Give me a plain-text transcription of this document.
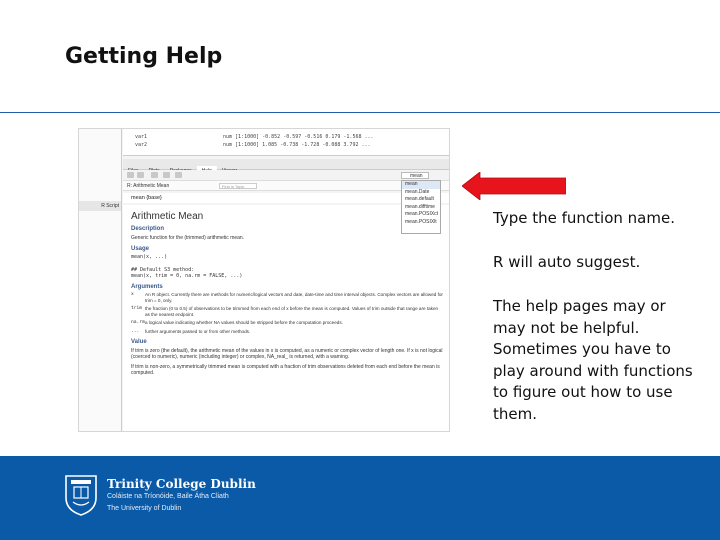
Getting Help
R Script
var1	num [1:1000] -0.852 -0.597 -0.516 0.179 -1.568 ...
var2	num [1:1000] 1.085 -0.738 -1.728 -0.088 3.792 ...
mean
R: Arithmetic Mean	Find in Topic
mean {base}
Arithmetic Mean
Description
Generic function for the (trimmed) arithmetic mean.
Usage
mean(x, ...)

## Default S3 method:
mean(x, trim = 0, na.rm = FALSE, ...)
Arguments
x	An R object. Currently there are methods for numeric/logical vectors and date, date-time and time interval objects. Complex vectors are allowed for trim = 0, only.
trim the fraction (0 to 0.5) of observations to be trimmed from each end of x before the mean is computed. Values of trim outside that range are taken as the nearest endpoint.
na.rm a logical value indicating whether NA values should be stripped before the computation proceeds.
...	further arguments passed to or from other methods.
Value
If trim is zero (the default), the arithmetic mean of the values in x is computed, as a numeric or complex vector of length one. If x is not logical (coerced to numeric), numeric (including integer) or complex, NA_real_ is returned, with a warning.
If trim is non-zero, a symmetrically trimmed mean is computed with a fraction of trim observations deleted from each end before the mean is computed.
mean
mean.Date
mean.default
mean.difftime
mean.POSIXct
mean.POSIXlt	Type the function name.
R will auto suggest.
The help pages may or may not be helpful. Sometimes you have to play around with functions to figure out how to use them.
Trinity College Dublin
Coláiste na Tríonóide, Baile Átha Cliath
The University of Dublin
